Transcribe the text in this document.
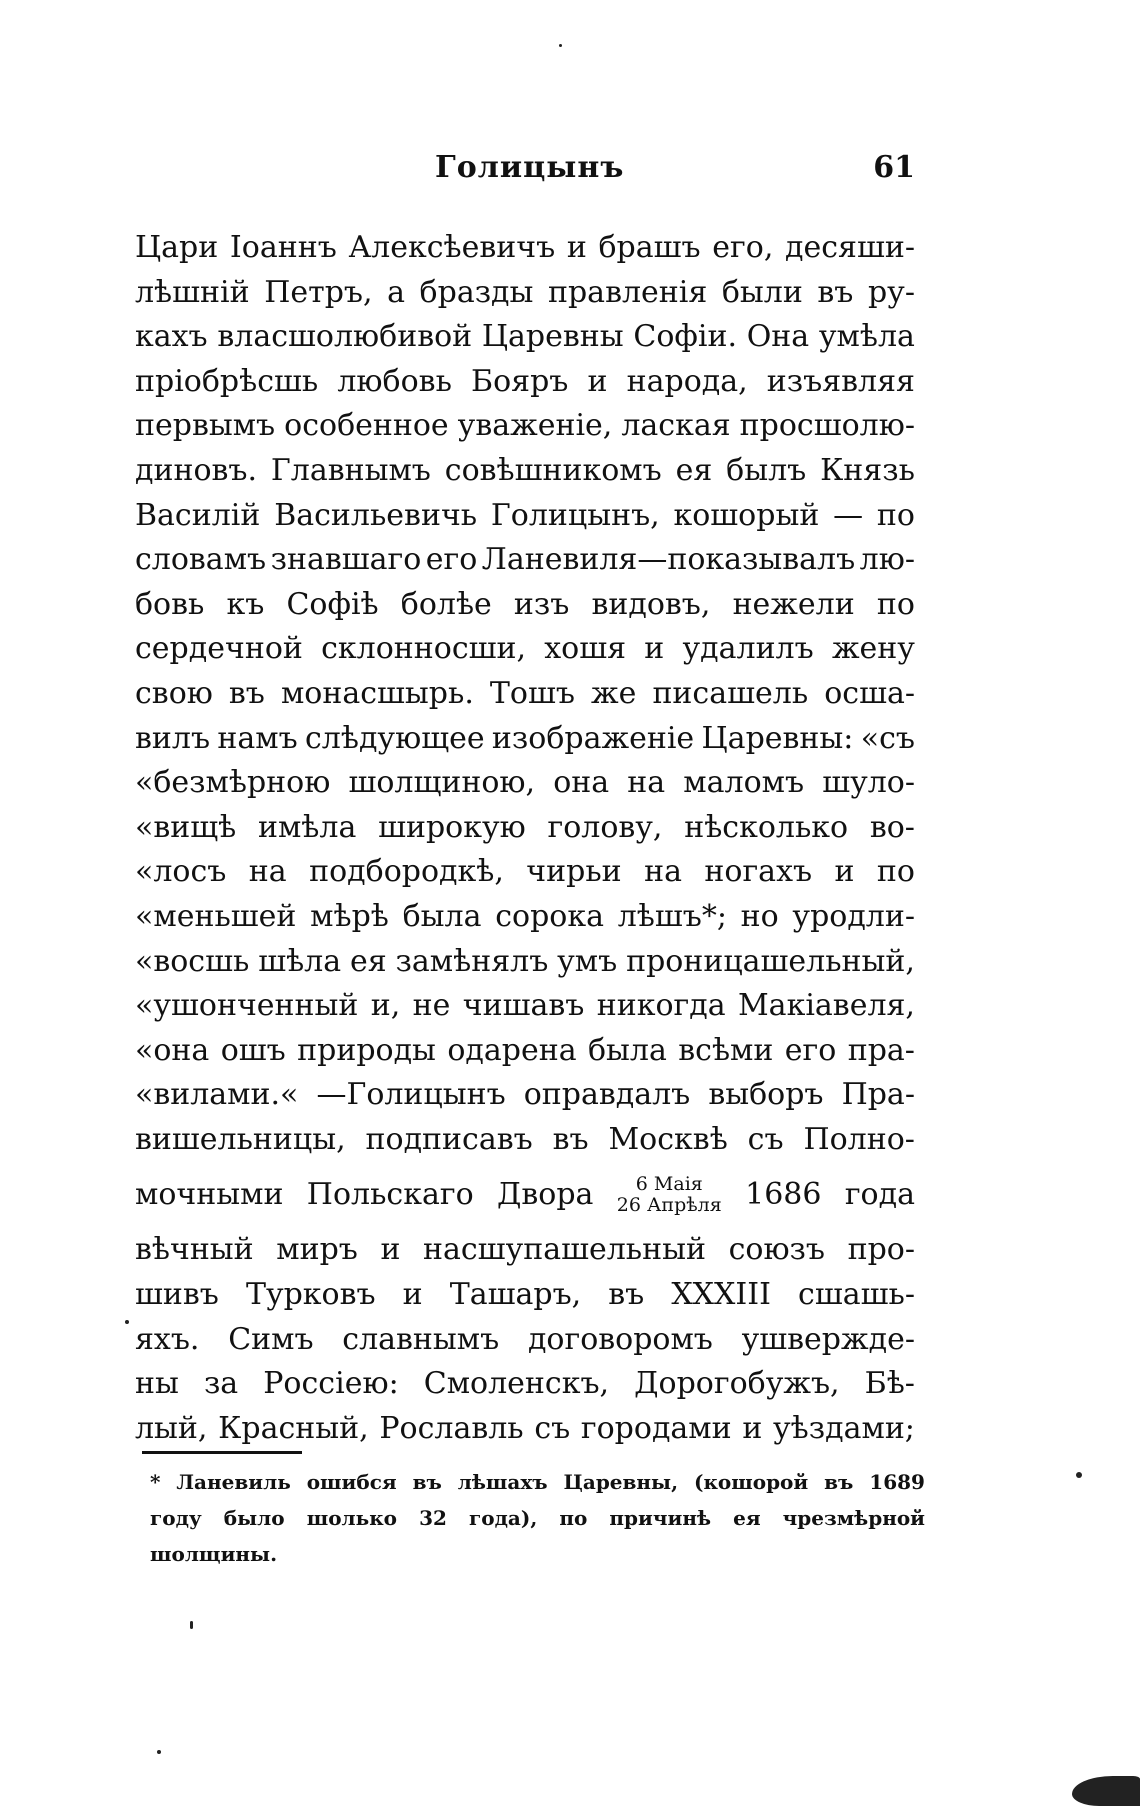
Голицынъ	61
Цари Іоаннъ Алексѣевичъ и брашъ его, десяши-
лѣшній Петръ, а бразды правленія были въ ру-
кахъ власшолюбивой Царевны Софіи. Она умѣла
пріобрѣсшь любовь Бояръ и народа, изъявляя
первымъ особенное уваженіе, ласкaя просшолю-
диновъ. Главнымъ совѣшникомъ ея былъ Князь
Василій Васильевичь Голицынъ, кошорый — по
словамъ знавшаго его Ланевиля—показывалъ лю-
бовь къ Софіѣ болѣе изъ видовъ, нежели по
сердечной склонносши, хошя и удалилъ жену
свою въ монасшырь. Тошъ же писашель осша-
вилъ намъ слѣдующее изображеніе Царевны: «съ
«безмѣрною шолщиною, она на маломъ шуло-
«вищѣ имѣла широкую голову, нѣсколько во-
«лосъ на подбородкѣ, чирьи на ногахъ и по
«меньшей мѣрѣ была сорока лѣшъ*; но уродли-
«восшь шѣла ея замѣнялъ умъ проницашельный,
«ушонченный и, не чишавъ никогда Макіавеля,
«она ошъ природы одарена была всѣми его пра-
«вилами.« —Голицынъ оправдалъ выборъ Пра-
вишельницы, подписавъ въ Москвѣ съ Полно-
мочными Польскаго Двора 6 Маія
26 Апрѣля 1686 года
вѣчный миръ и насшупашельный союзъ про-
шивъ Турковъ и Ташаръ, въ XXXIII сшашь-
яхъ. Симъ славнымъ договоромъ ушверждe-
ны за Россіею: Смоленскъ, Дорогобужъ, Бѣ-
лый, Красный, Рославль съ городами и уѣздами;
* Ланевиль ошибся въ лѣшахъ Царевны, (кошорой въ 1689
году было шолько 32 года), по причинѣ ея чрезмѣрной
шолщины.
